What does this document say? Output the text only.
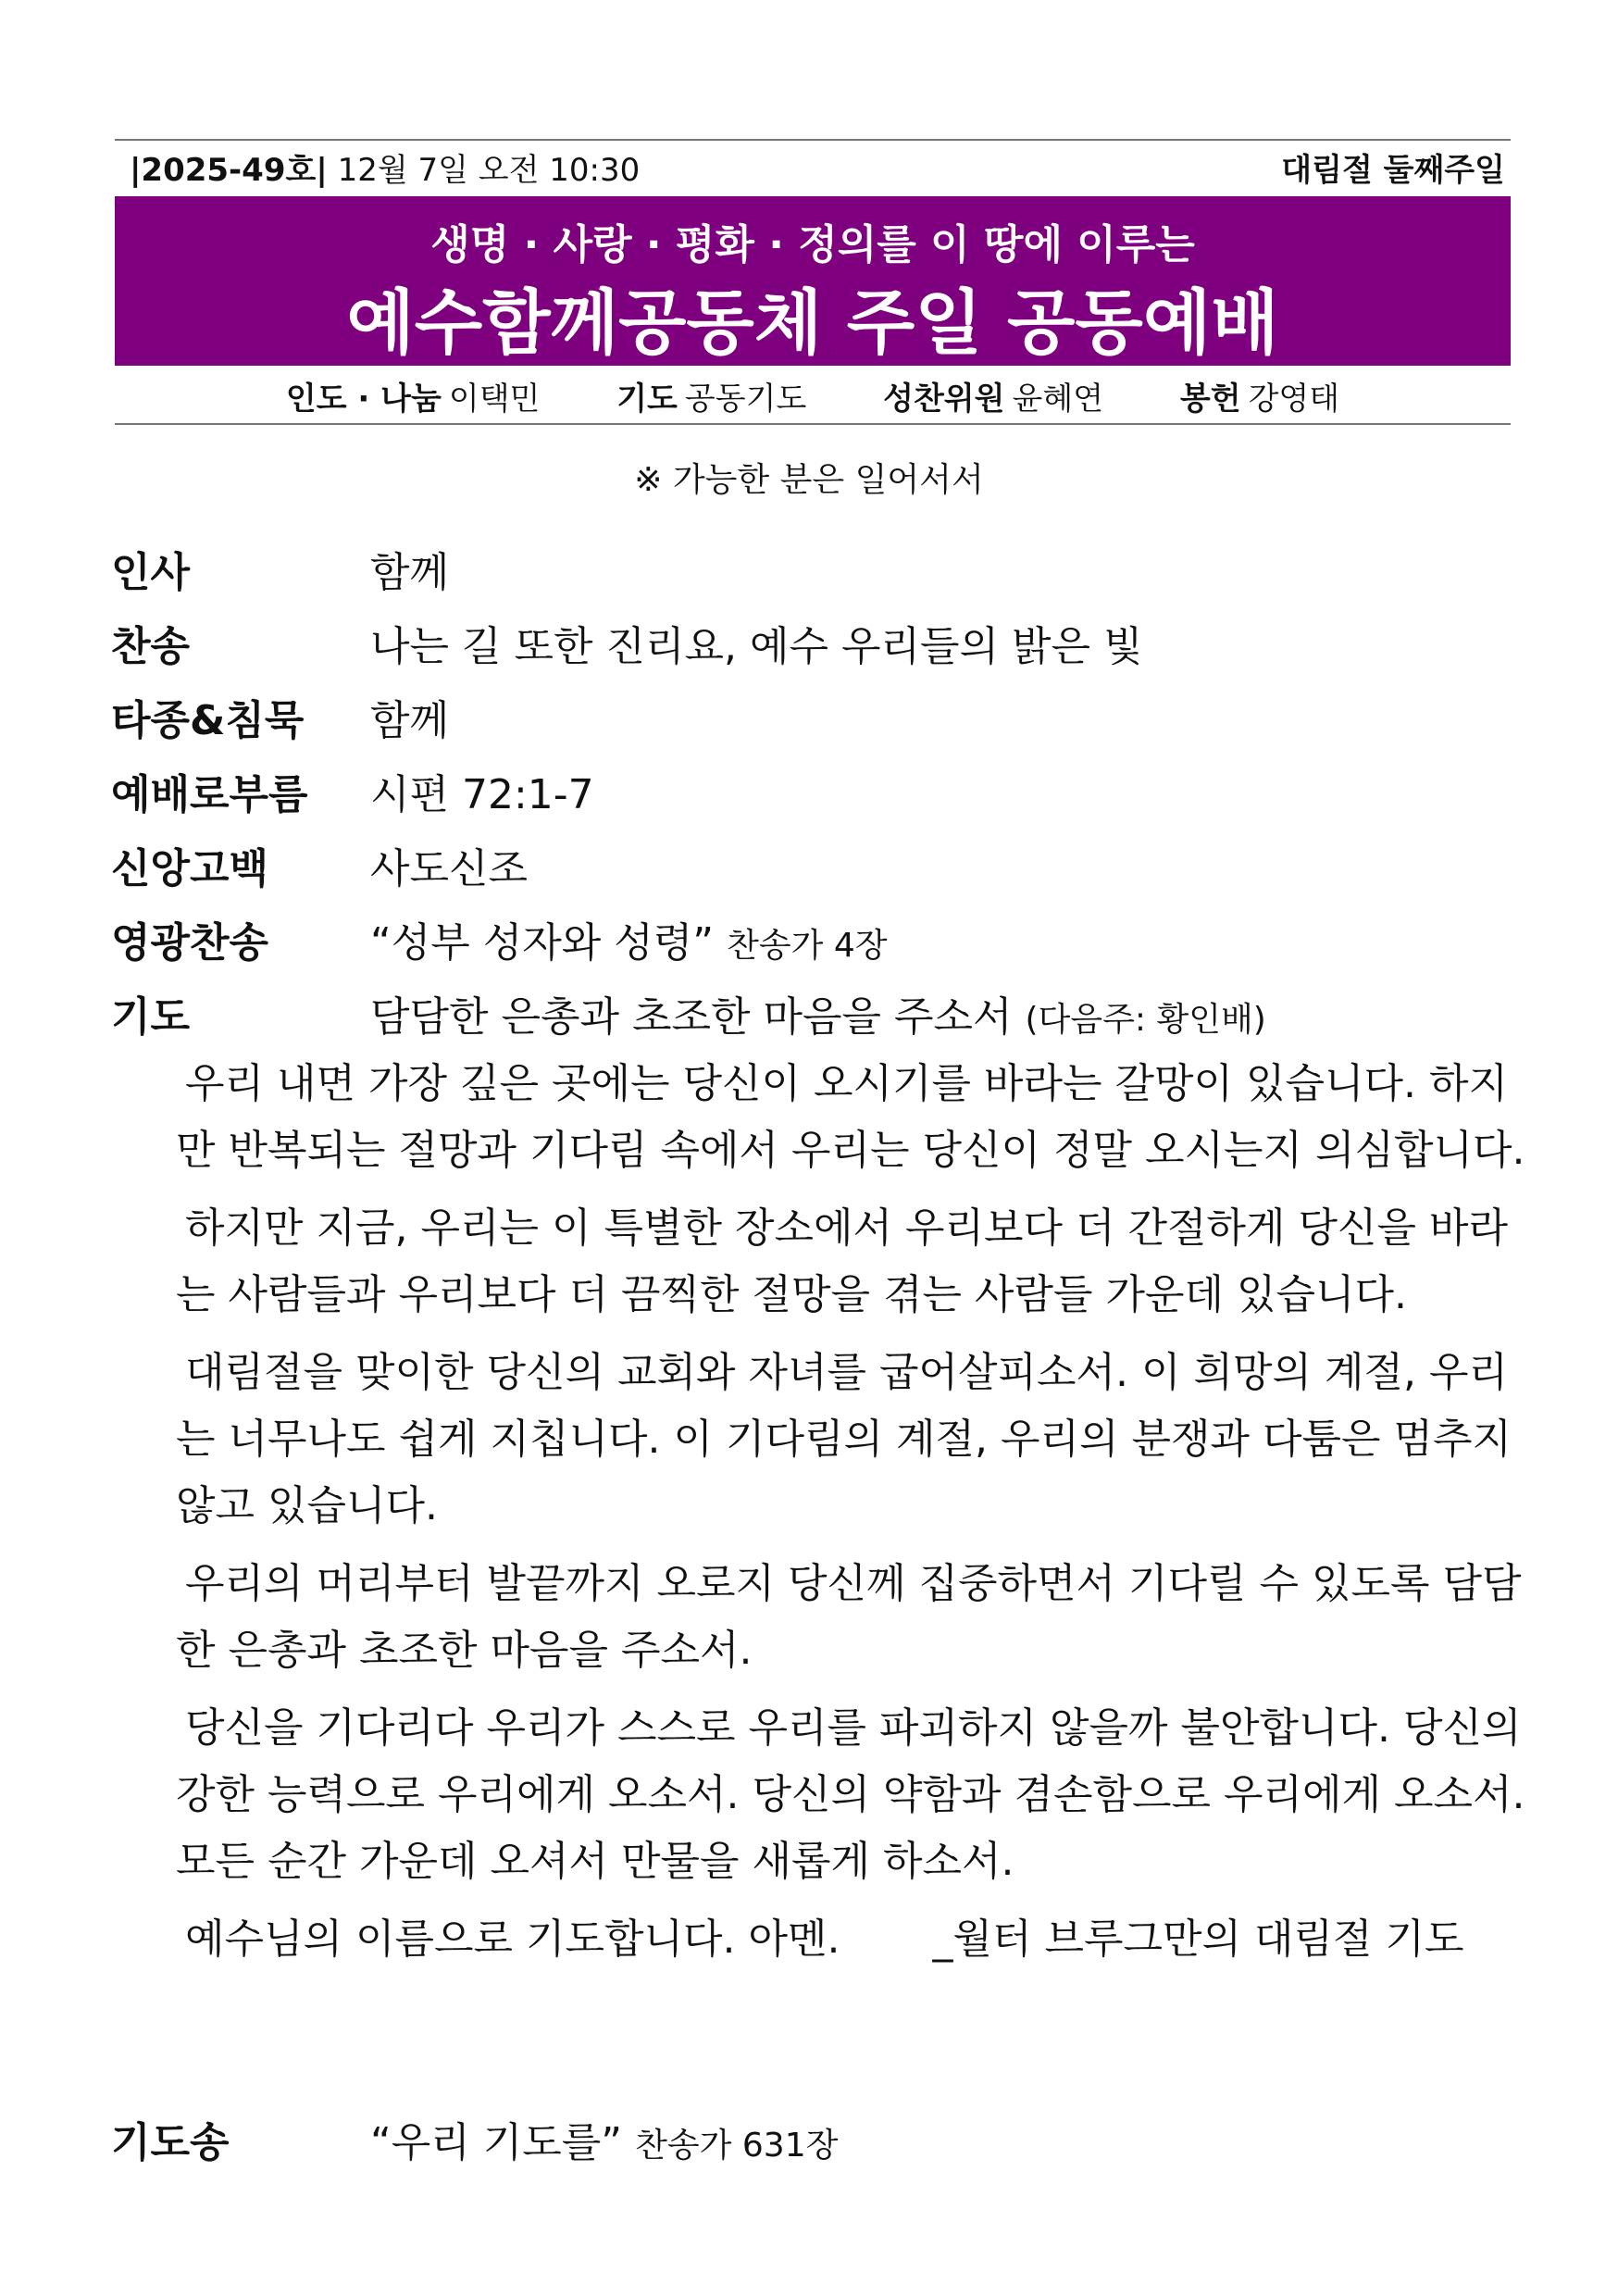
|2025-49호| 12월 7일 오전 10:30	대림절 둘째주일
생명 · 사랑 · 평화 · 정의를 이 땅에 이루는
예수함께공동체 주일 공동예배
인도 · 나눔 이택민 기도 공동기도 성찬위원 윤혜연 봉헌 강영태
※ 가능한 분은 일어서서
인사	함께
찬송	나는 길 또한 진리요, 예수 우리들의 밝은 빛
타종&침묵 함께
예배로부름 시편 72:1-7
신앙고백 사도신조
영광찬송 “성부 성자와 성령” 찬송가 4장
기도	담담한 은총과 초조한 마음을 주소서 (다음주: 황인배)

우리 내면 가장 깊은 곳에는 당신이 오시기를 바라는 갈망이 있습니다. 하지만 반복되는 절망과 기다림 속에서 우리는 당신이 정말 오시는지 의심합니다.

하지만 지금, 우리는 이 특별한 장소에서 우리보다 더 간절하게 당신을 바라는 사람들과 우리보다 더 끔찍한 절망을 겪는 사람들 가운데 있습니다.

대림절을 맞이한 당신의 교회와 자녀를 굽어살피소서. 이 희망의 계절, 우리는 너무나도 쉽게 지칩니다. 이 기다림의 계절, 우리의 분쟁과 다툼은 멈추지 않고 있습니다.

우리의 머리부터 발끝까지 오로지 당신께 집중하면서 기다릴 수 있도록 담담한 은총과 초조한 마음을 주소서.

당신을 기다리다 우리가 스스로 우리를 파괴하지 않을까 불안합니다. 당신의 강한 능력으로 우리에게 오소서. 당신의 약함과 겸손함으로 우리에게 오소서. 모든 순간 가운데 오셔서 만물을 새롭게 하소서.

예수님의 이름으로 기도합니다. 아멘. _월터 브루그만의 대림절 기도

기도송	“우리 기도를” 찬송가 631장
